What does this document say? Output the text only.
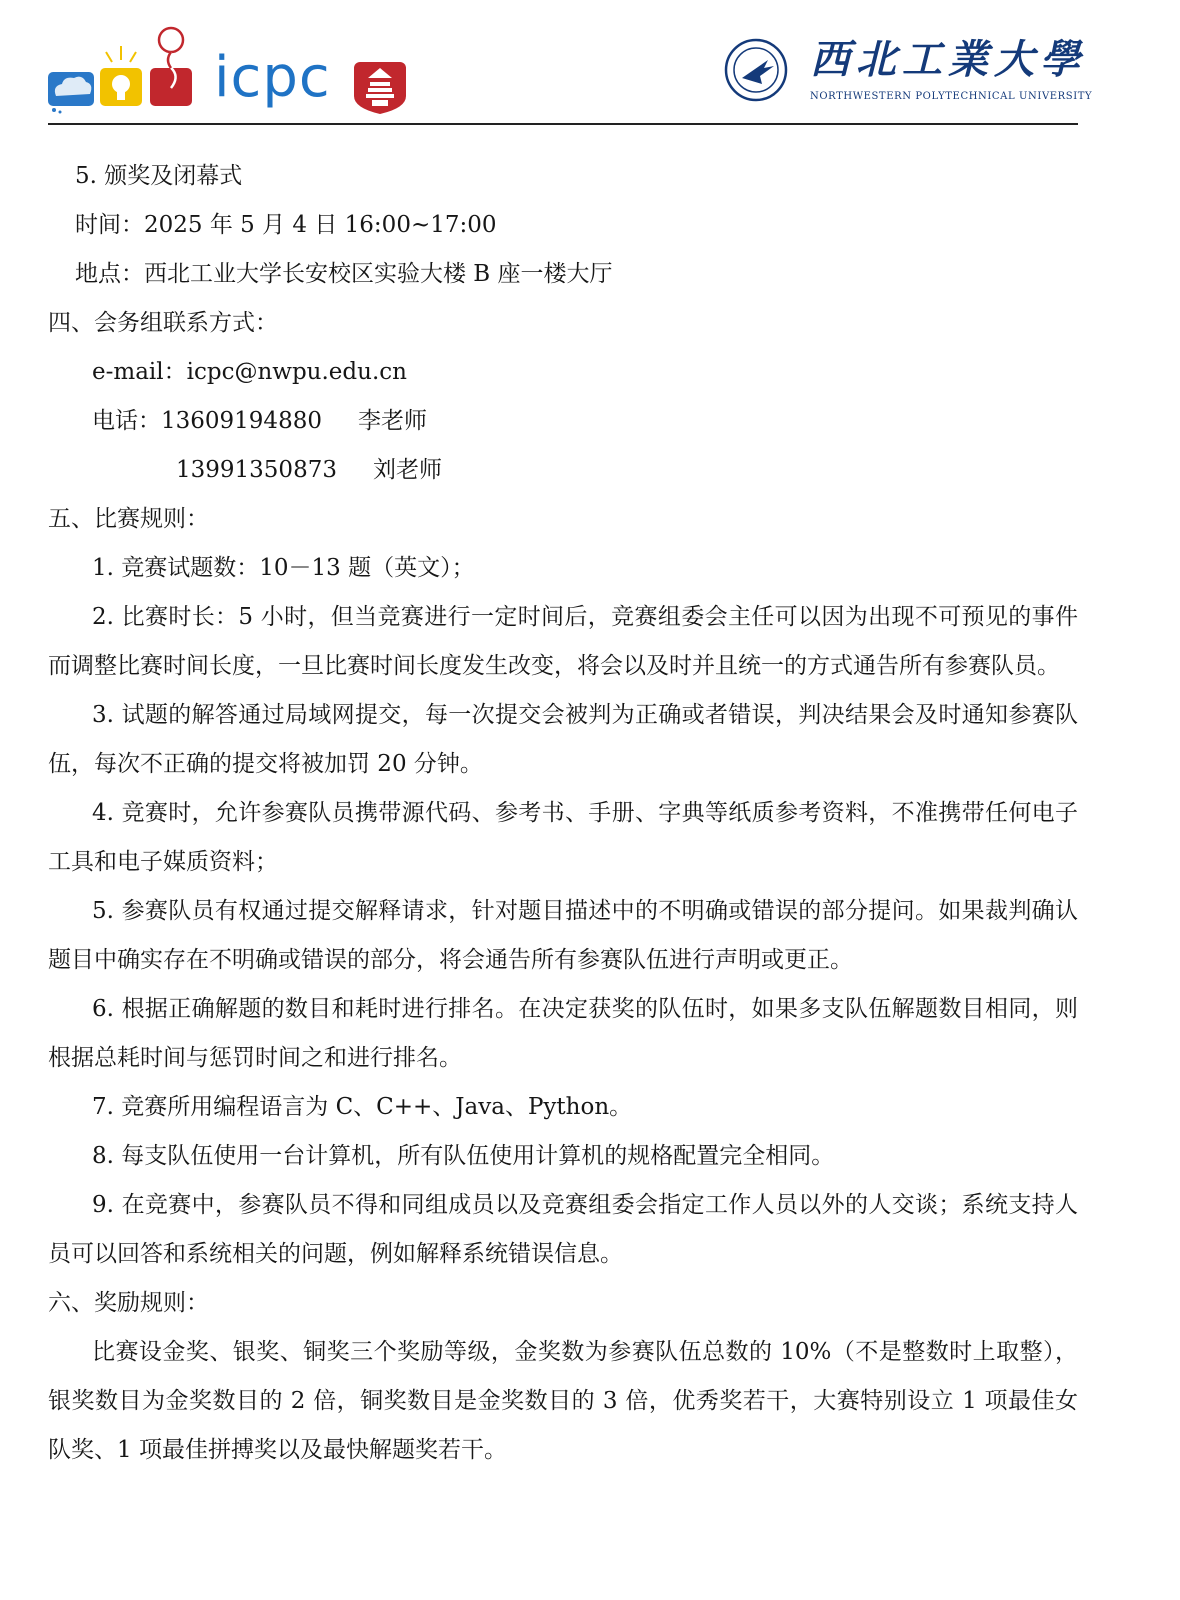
icpc	西北工業大學
NORTHWESTERN POLYTECHNICAL UNIVERSITY
5. 颁奖及闭幕式
时间：2025 年 5 月 4 日 16:00~17:00
地点：西北工业大学长安校区实验大楼 B 座一楼大厅
四、会务组联系方式：
e-mail：icpc@nwpu.edu.cn
电话：13609194880 李老师
13991350873 刘老师
五、比赛规则：
1. 竞赛试题数：10－13 题（英文）；
2. 比赛时长：5 小时，但当竞赛进行一定时间后，竞赛组委会主任可以因为出现不可预见的事件而调整比赛时间长度，一旦比赛时间长度发生改变，将会以及时并且统一的方式通告所有参赛队员。
3. 试题的解答通过局域网提交，每一次提交会被判为正确或者错误，判决结果会及时通知参赛队伍，每次不正确的提交将被加罚 20 分钟。
4. 竞赛时，允许参赛队员携带源代码、参考书、手册、字典等纸质参考资料，不准携带任何电子工具和电子媒质资料；
5. 参赛队员有权通过提交解释请求，针对题目描述中的不明确或错误的部分提问。如果裁判确认题目中确实存在不明确或错误的部分，将会通告所有参赛队伍进行声明或更正。
6. 根据正确解题的数目和耗时进行排名。在决定获奖的队伍时，如果多支队伍解题数目相同，则根据总耗时间与惩罚时间之和进行排名。
7. 竞赛所用编程语言为 C、C++、Java、Python。
8. 每支队伍使用一台计算机，所有队伍使用计算机的规格配置完全相同。
9. 在竞赛中，参赛队员不得和同组成员以及竞赛组委会指定工作人员以外的人交谈；系统支持人员可以回答和系统相关的问题，例如解释系统错误信息。
六、奖励规则：
比赛设金奖、银奖、铜奖三个奖励等级，金奖数为参赛队伍总数的 10%（不是整数时上取整），银奖数目为金奖数目的 2 倍，铜奖数目是金奖数目的 3 倍，优秀奖若干，大赛特别设立 1 项最佳女队奖、1 项最佳拼搏奖以及最快解题奖若干。
